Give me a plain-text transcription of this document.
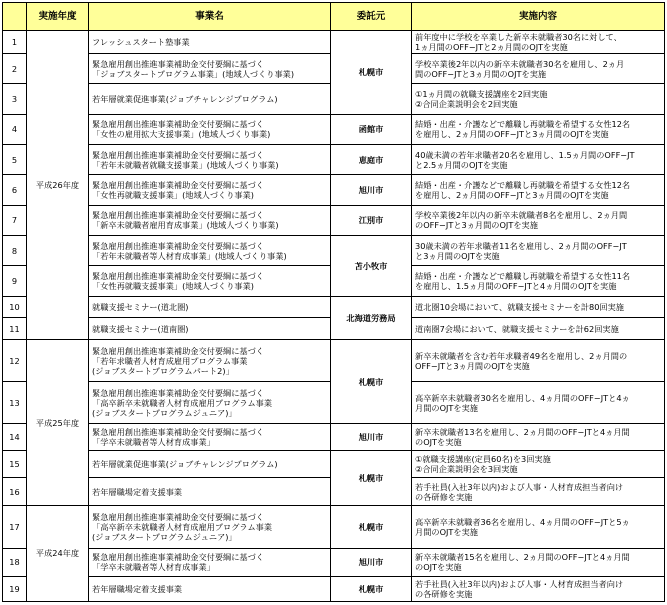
	実施年度	事業名	委託元	実施内容
1	平成26年度	フレッシュスタート塾事業	札幌市	前年度中に学校を卒業した新卒未就職者30名に対して、
1ヵ月間のOFF−JTと2ヵ月間のOJTを実施
2		緊急雇用創出推進事業補助金交付要綱に基づく
「ジョブスタートプログラム事業」(地域人づくり事業)		学校卒業後2年以内の新卒未就職者30名を雇用し、2ヵ月
間のOFF−JTと3ヵ月間のOJTを実施
3		若年層就業促進事業(ジョブチャレンジプログラム)		①1ヵ月間の就職支援講座を2回実施
②合同企業説明会を2回実施
4		緊急雇用創出推進事業補助金交付要綱に基づく
「女性の雇用拡大支援事業」(地域人づくり事業)	函館市	結婚・出産・介護などで離職し再就職を希望する女性12名
を雇用し、2ヵ月間のOFF−JTと3ヵ月間のOJTを実施
5		緊急雇用創出推進事業補助金交付要綱に基づく
「若年未就職者就職支援事業」(地域人づくり事業)	恵庭市	40歳未満の若年求職者20名を雇用し、1.5ヵ月間のOFF−JT
と2.5ヵ月間のOJTを実施
6		緊急雇用創出推進事業補助金交付要綱に基づく
「女性再就職支援事業」(地域人づくり事業)	旭川市	結婚・出産・介護などで離職し再就職を希望する女性12名
を雇用し、2ヵ月間のOFF−JTと3ヵ月間のOJTを実施
7		緊急雇用創出推進事業補助金交付要綱に基づく
「新卒未就職者雇用育成事業」(地域人づくり事業)	江別市	学校卒業後2年以内の新卒未就職者8名を雇用し、2ヵ月間
のOFF−JTと3ヵ月間のOJTを実施
8		緊急雇用創出推進事業補助金交付要綱に基づく
「若年未就職者等人材育成事業」(地域人づくり事業)	苫小牧市	30歳未満の若年求職者11名を雇用し、2ヵ月間のOFF−JT
と3ヵ月間のOJTを実施
9		緊急雇用創出推進事業補助金交付要綱に基づく
「女性再就職支援事業」(地域人づくり事業)		結婚・出産・介護などで離職し再就職を希望する女性11名
を雇用し、1.5ヵ月間のOFF−JTと4ヵ月間のOJTを実施
10		就職支援セミナー(道北圏)	北海道労務局	道北圏10会場において、就職支援セミナーを計80回実施
11		就職支援セミナー(道南圏)		道南圏7会場において、就職支援セミナーを計62回実施
12	平成25年度	緊急雇用創出推進事業補助金交付要綱に基づく
「若年求職者人材育成雇用プログラム事業
(ジョブスタートプログラムパート2)」	札幌市	新卒未就職者を含む若年求職者49名を雇用し、2ヵ月間の
OFF−JTと3ヵ月間のOJTを実施
13		緊急雇用創出推進事業補助金交付要綱に基づく
「高卒新卒未就職者人材育成雇用プログラム事業
(ジョブスタートプログラムジュニア)」		高卒新卒未就職者30名を雇用し、4ヵ月間のOFF−JTと4ヵ
月間のOJTを実施
14		緊急雇用創出推進事業補助金交付要綱に基づく
「学卒未就職者等人材育成事業」	旭川市	新卒未就職者13名を雇用し、2ヵ月間のOFF−JTと4ヵ月間
のOJTを実施
15		若年層就業促進事業(ジョブチャレンジプログラム)	札幌市	①就職支援講座(定員60名)を3回実施
②合同企業説明会を3回実施
16		若年層職場定着支援事業		若手社員(入社3年以内)および人事・人材育成担当者向け
の各研修を実施
17	平成24年度	緊急雇用創出推進事業補助金交付要綱に基づく
「高卒新卒未就職者人材育成雇用プログラム事業
(ジョブスタートプログラムジュニア)」	札幌市	高卒新卒未就職者36名を雇用し、4ヵ月間のOFF−JTと5ヵ
月間のOJTを実施
18		緊急雇用創出推進事業補助金交付要綱に基づく
「学卒未就職者等人材育成事業」	旭川市	新卒未就職者15名を雇用し、2ヵ月間のOFF−JTと4ヵ月間
のOJTを実施
19		若年層職場定着支援事業	札幌市	若手社員(入社3年以内)および人事・人材育成担当者向け
の各研修を実施
